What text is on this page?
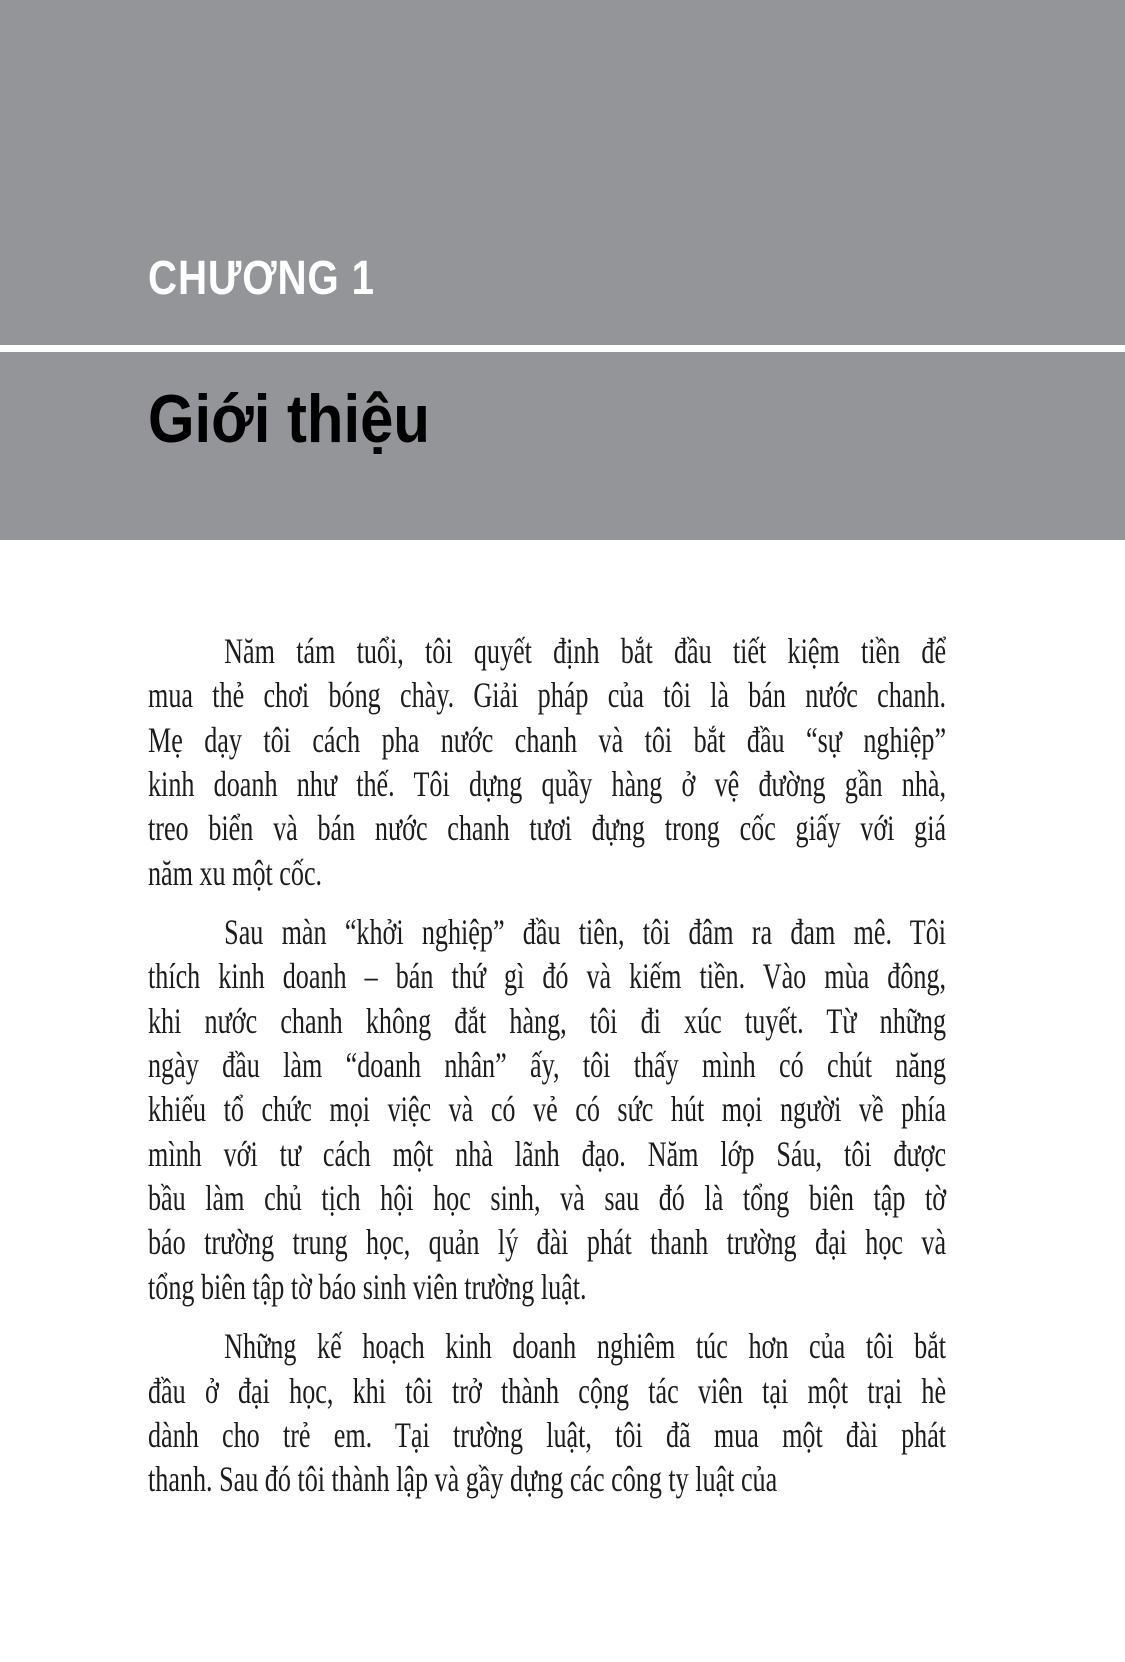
CHƯƠNG 1
Giới thiệu
Năm tám tuổi, tôi quyết định bắt đầu tiết kiệm tiền để
mua thẻ chơi bóng chày. Giải pháp của tôi là bán nước chanh.
Mẹ dạy tôi cách pha nước chanh và tôi bắt đầu “sự nghiệp”
kinh doanh như thế. Tôi dựng quầy hàng ở vệ đường gần nhà,
treo biển và bán nước chanh tươi đựng trong cốc giấy với giá
năm xu một cốc.
Sau màn “khởi nghiệp” đầu tiên, tôi đâm ra đam mê. Tôi
thích kinh doanh – bán thứ gì đó và kiếm tiền. Vào mùa đông,
khi nước chanh không đắt hàng, tôi đi xúc tuyết. Từ những
ngày đầu làm “doanh nhân” ấy, tôi thấy mình có chút năng
khiếu tổ chức mọi việc và có vẻ có sức hút mọi người về phía
mình với tư cách một nhà lãnh đạo. Năm lớp Sáu, tôi được
bầu làm chủ tịch hội học sinh, và sau đó là tổng biên tập tờ
báo trường trung học, quản lý đài phát thanh trường đại học và
tổng biên tập tờ báo sinh viên trường luật.
Những kế hoạch kinh doanh nghiêm túc hơn của tôi bắt
đầu ở đại học, khi tôi trở thành cộng tác viên tại một trại hè
dành cho trẻ em. Tại trường luật, tôi đã mua một đài phát
thanh. Sau đó tôi thành lập và gầy dựng các công ty luật của
